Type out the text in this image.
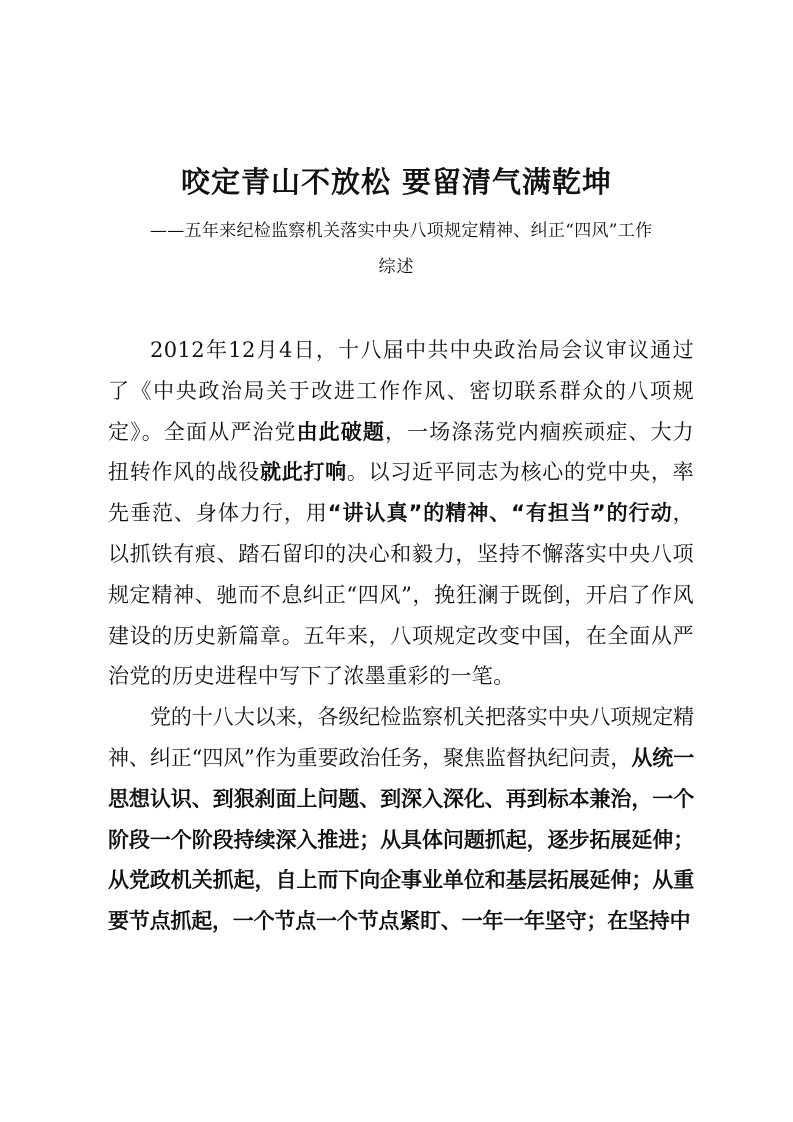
咬定青山不放松 要留清气满乾坤
——五年来纪检监察机关落实中央八项规定精神、纠正“四风”工作
综述

2012年12月4日，十八届中共中央政治局会议审议通过了《中央政治局关于改进工作作风、密切联系群众的八项规定》。全面从严治党由此破题，一场涤荡党内痼疾顽症、大力扭转作风的战役就此打响。以习近平同志为核心的党中央，率先垂范、身体力行，用“讲认真”的精神、“有担当”的行动，以抓铁有痕、踏石留印的决心和毅力，坚持不懈落实中央八项规定精神、驰而不息纠正“四风”，挽狂澜于既倒，开启了作风建设的历史新篇章。五年来，八项规定改变中国，在全面从严治党的历史进程中写下了浓墨重彩的一笔。

党的十八大以来，各级纪检监察机关把落实中央八项规定精神、纠正“四风”作为重要政治任务，聚焦监督执纪问责，从统一思想认识、到狠刹面上问题、到深入深化、再到标本兼治，一个阶段一个阶段持续深入推进；从具体问题抓起，逐步拓展延伸；从党政机关抓起，自上而下向企事业单位和基层拓展延伸；从重要节点抓起，一个节点一个节点紧盯、一年一年坚守；在坚持中
